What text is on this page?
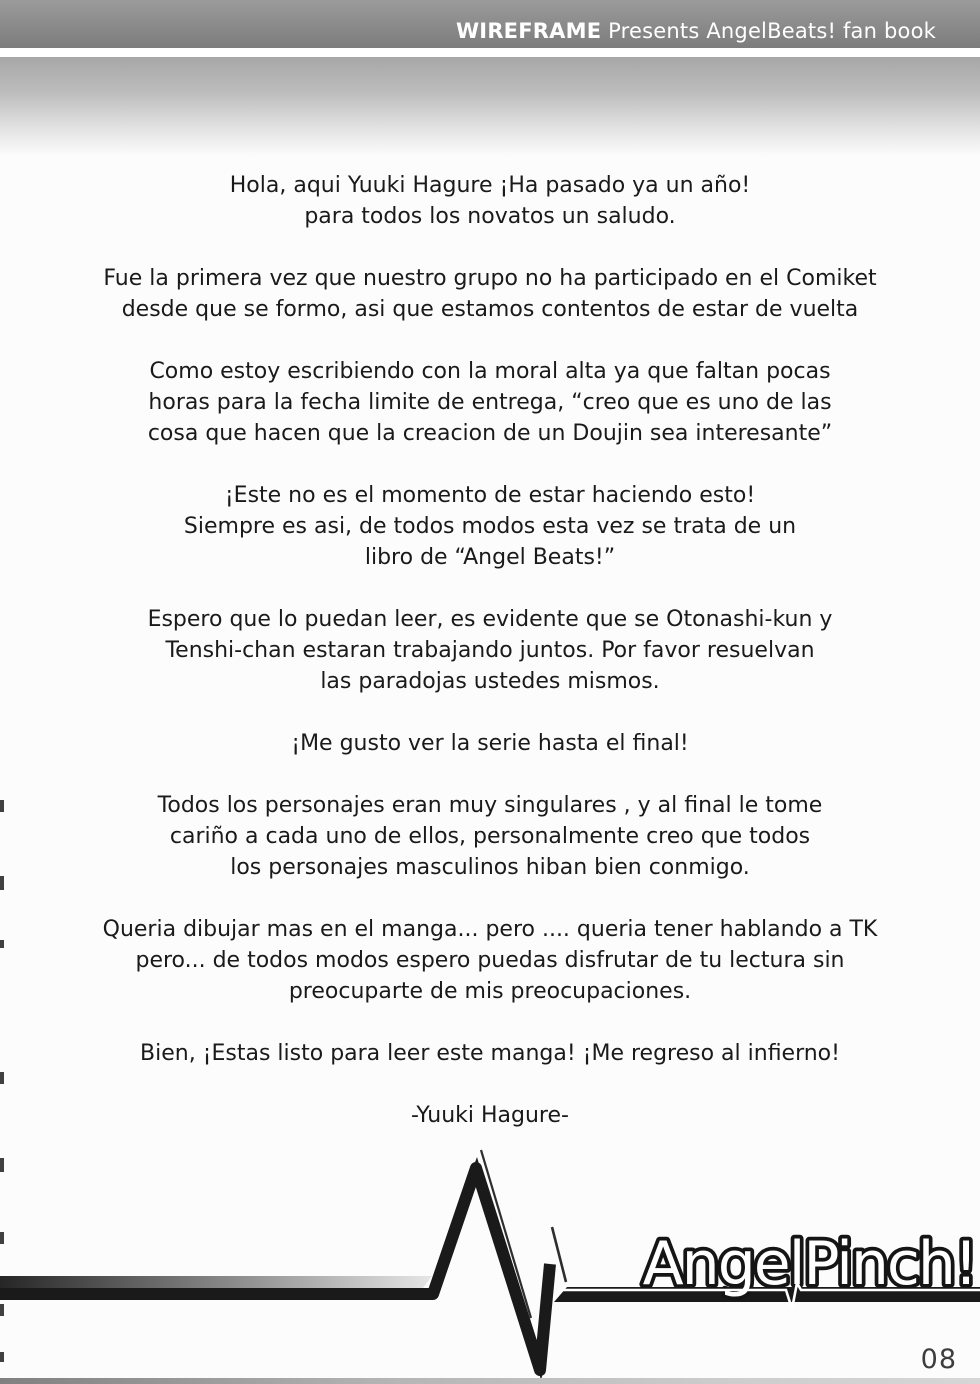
WIREFRAME Presents AngelBeats! fan book

Hola, aqui Yuuki Hagure ¡Ha pasado ya un año!
para todos los novatos un saludo.

Fue la primera vez que nuestro grupo no ha participado en el Comiket
desde que se formo, asi que estamos contentos de estar de vuelta

Como estoy escribiendo con la moral alta ya que faltan pocas
horas para la fecha limite de entrega, “creo que es uno de las
cosa que hacen que la creacion de un Doujin sea interesante”

¡Este no es el momento de estar haciendo esto!
Siempre es asi, de todos modos esta vez se trata de un
libro de “Angel Beats!”

Espero que lo puedan leer, es evidente que se Otonashi-kun y
Tenshi-chan estaran trabajando juntos. Por favor resuelvan
las paradojas ustedes mismos.

¡Me gusto ver la serie hasta el final!

Todos los personajes eran muy singulares , y al final le tome
cariño a cada uno de ellos, personalmente creo que todos
los personajes masculinos hiban bien conmigo.

Queria dibujar mas en el manga... pero .... queria tener hablando a TK
pero... de todos modos espero puedas disfrutar de tu lectura sin
preocuparte de mis preocupaciones.

Bien, ¡Estas listo para leer este manga! ¡Me regreso al infierno!

-Yuuki Hagure-

AngelPinch!
08
